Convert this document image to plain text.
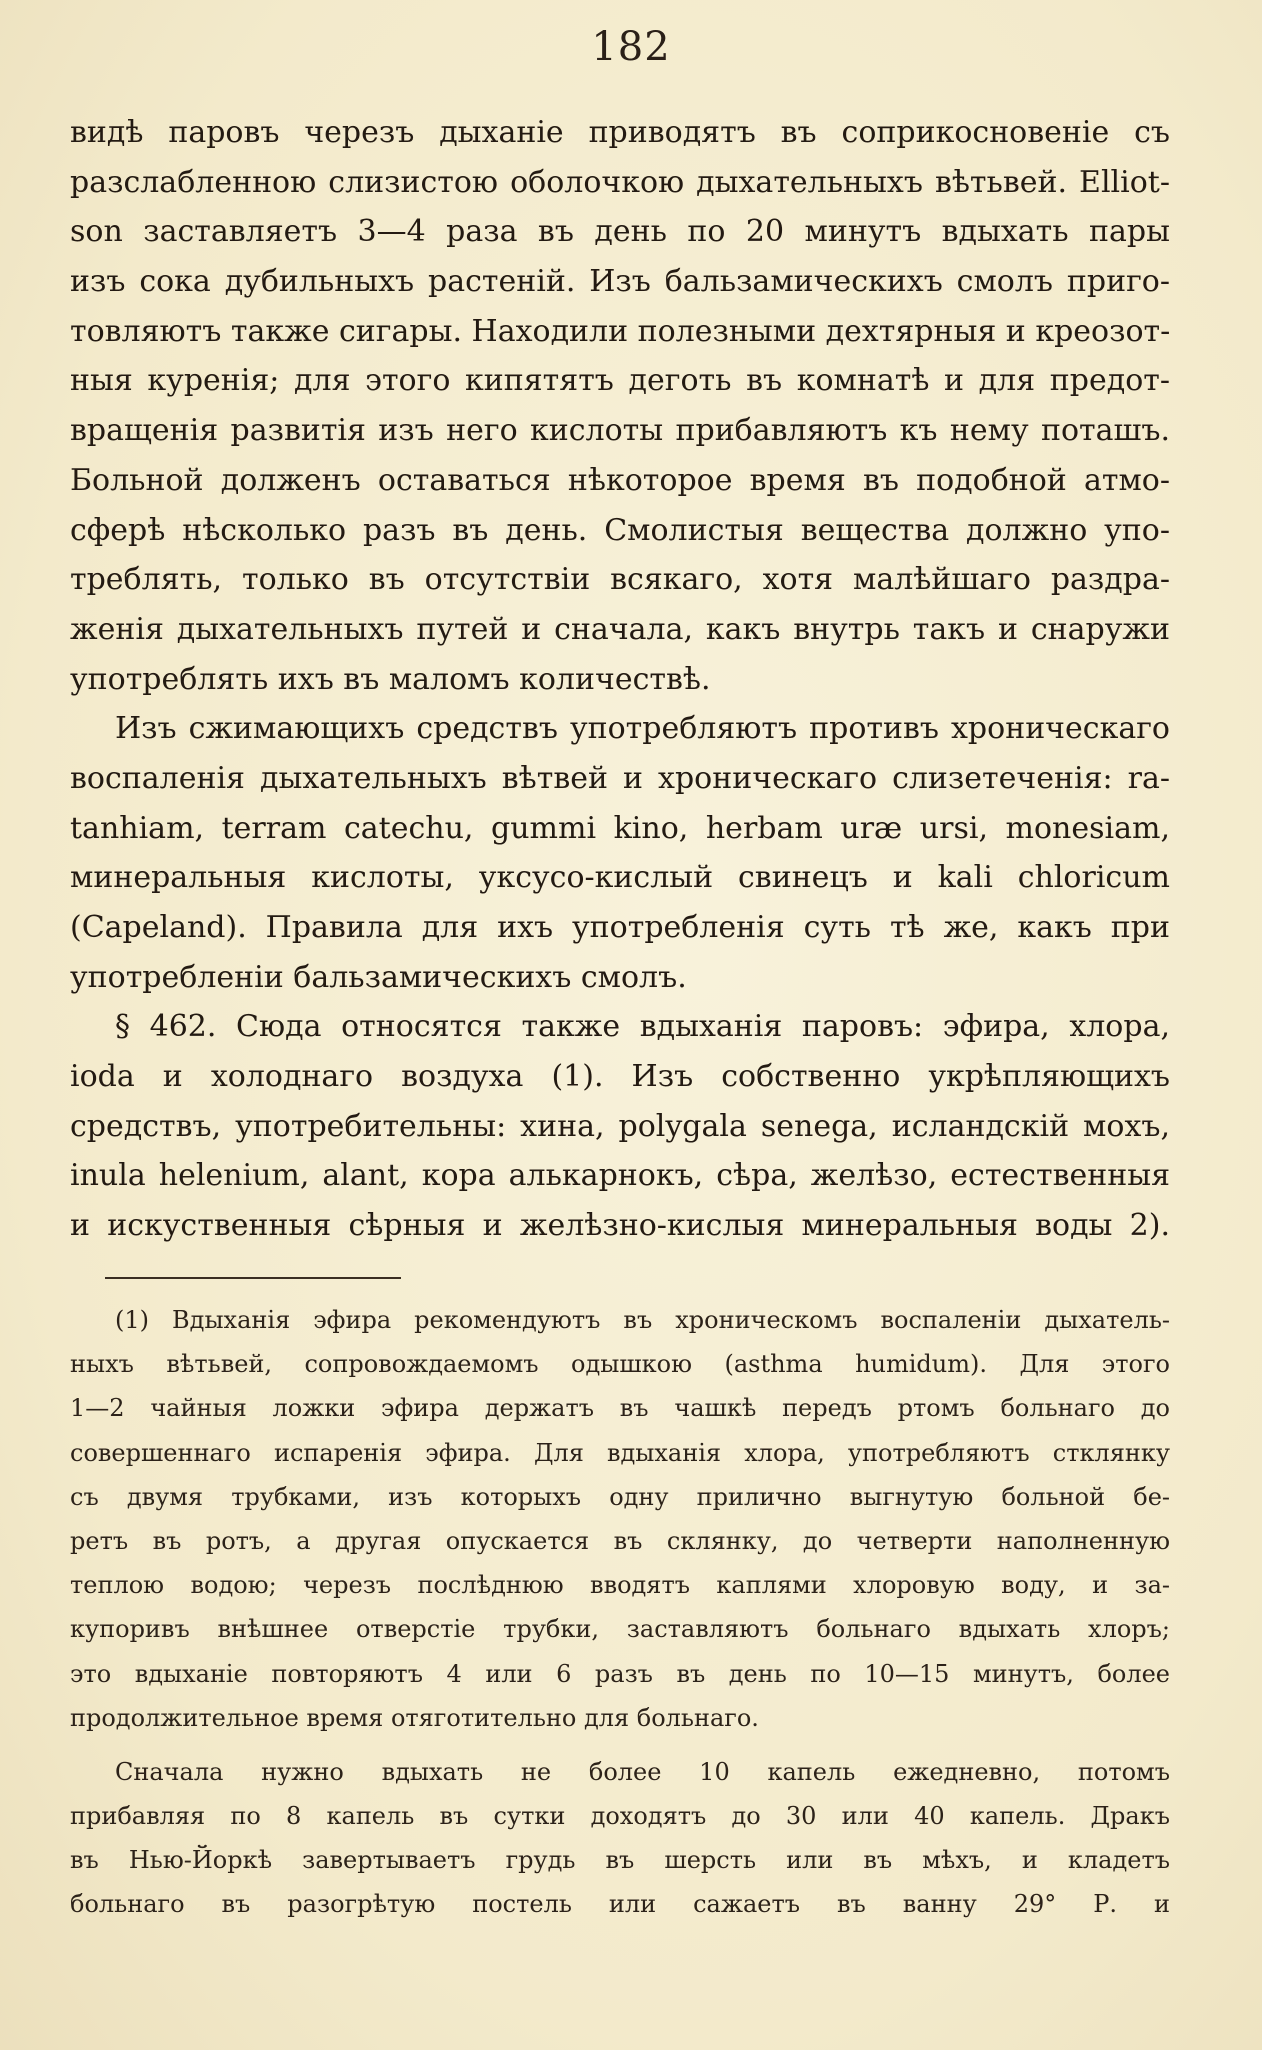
182
видѣ паровъ черезъ дыханіе приводятъ въ соприкосновеніе съ
разслабленною слизистою оболочкою дыхательныхъ вѣтьвей. Elliot-
son заставляетъ 3—4 раза въ день по 20 минутъ вдыхать пары
изъ сока дубильныхъ растеній. Изъ бальзамическихъ смолъ приго-
товляютъ также сигары. Находили полезными дехтярныя и креозот-
ныя куренія; для этого кипятятъ деготь въ комнатѣ и для предот-
вращенія развитія изъ него кислоты прибавляютъ къ нему поташъ.
Больной долженъ оставаться нѣкоторое время въ подобной атмо-
сферѣ нѣсколько разъ въ день. Смолистыя вещества должно упо-
треблять, только въ отсутствіи всякаго, хотя малѣйшаго раздра-
женія дыхательныхъ путей и сначала, какъ внутрь такъ и снаружи
употреблять ихъ въ маломъ количествѣ.
Изъ сжимающихъ средствъ употребляютъ противъ хроническаго
воспаленія дыхательныхъ вѣтвей и хроническаго слизетеченія: ra-
tanhiam, terram catechu, gummi kino, herbam uræ ursi, monesiam,
минеральныя кислоты, уксусо-кислый свинецъ и kali chloricum
(Capeland). Правила для ихъ употребленія суть тѣ же, какъ при
употребленіи бальзамическихъ смолъ.
§ 462. Сюда относятся также вдыханія паровъ: эфира, хлора,
ioda и холоднаго воздуха (1). Изъ собственно укрѣпляющихъ
средствъ, употребительны: хина, polygala senega, исландскій мохъ,
inula helenium, alant, кора алькарнокъ, сѣра, желѣзо, естественныя
и искуственныя сѣрныя и желѣзно-кислыя минеральныя воды 2).
(1) Вдыханія эфира рекомендуютъ въ хроническомъ воспаленіи дыхатель-
ныхъ вѣтьвей, сопровождаемомъ одышкою (asthma humidum). Для этого
1—2 чайныя ложки эфира держатъ въ чашкѣ передъ ртомъ больнаго до
совершеннаго испаренія эфира. Для вдыханія хлора, употребляютъ стклянку
съ двумя трубками, изъ которыхъ одну прилично выгнутую больной бе-
ретъ въ ротъ, а другая опускается въ склянку, до четверти наполненную
теплою водою; черезъ послѣднюю вводятъ каплями хлоровую воду, и за-
купоривъ внѣшнее отверстіе трубки, заставляютъ больнаго вдыхать хлоръ;
это вдыханіе повторяютъ 4 или 6 разъ въ день по 10—15 минутъ, более
продолжительное время отяготительно для больнаго.
Сначала нужно вдыхать не более 10 капель ежедневно, потомъ
прибавляя по 8 капель въ сутки доходятъ до 30 или 40 капель. Дракъ
въ Нью-Йоркѣ завертываетъ грудь въ шерсть или въ мѣхъ, и кладетъ
больнаго въ разогрѣтую постель или сажаетъ въ ванну 29° Р. и
